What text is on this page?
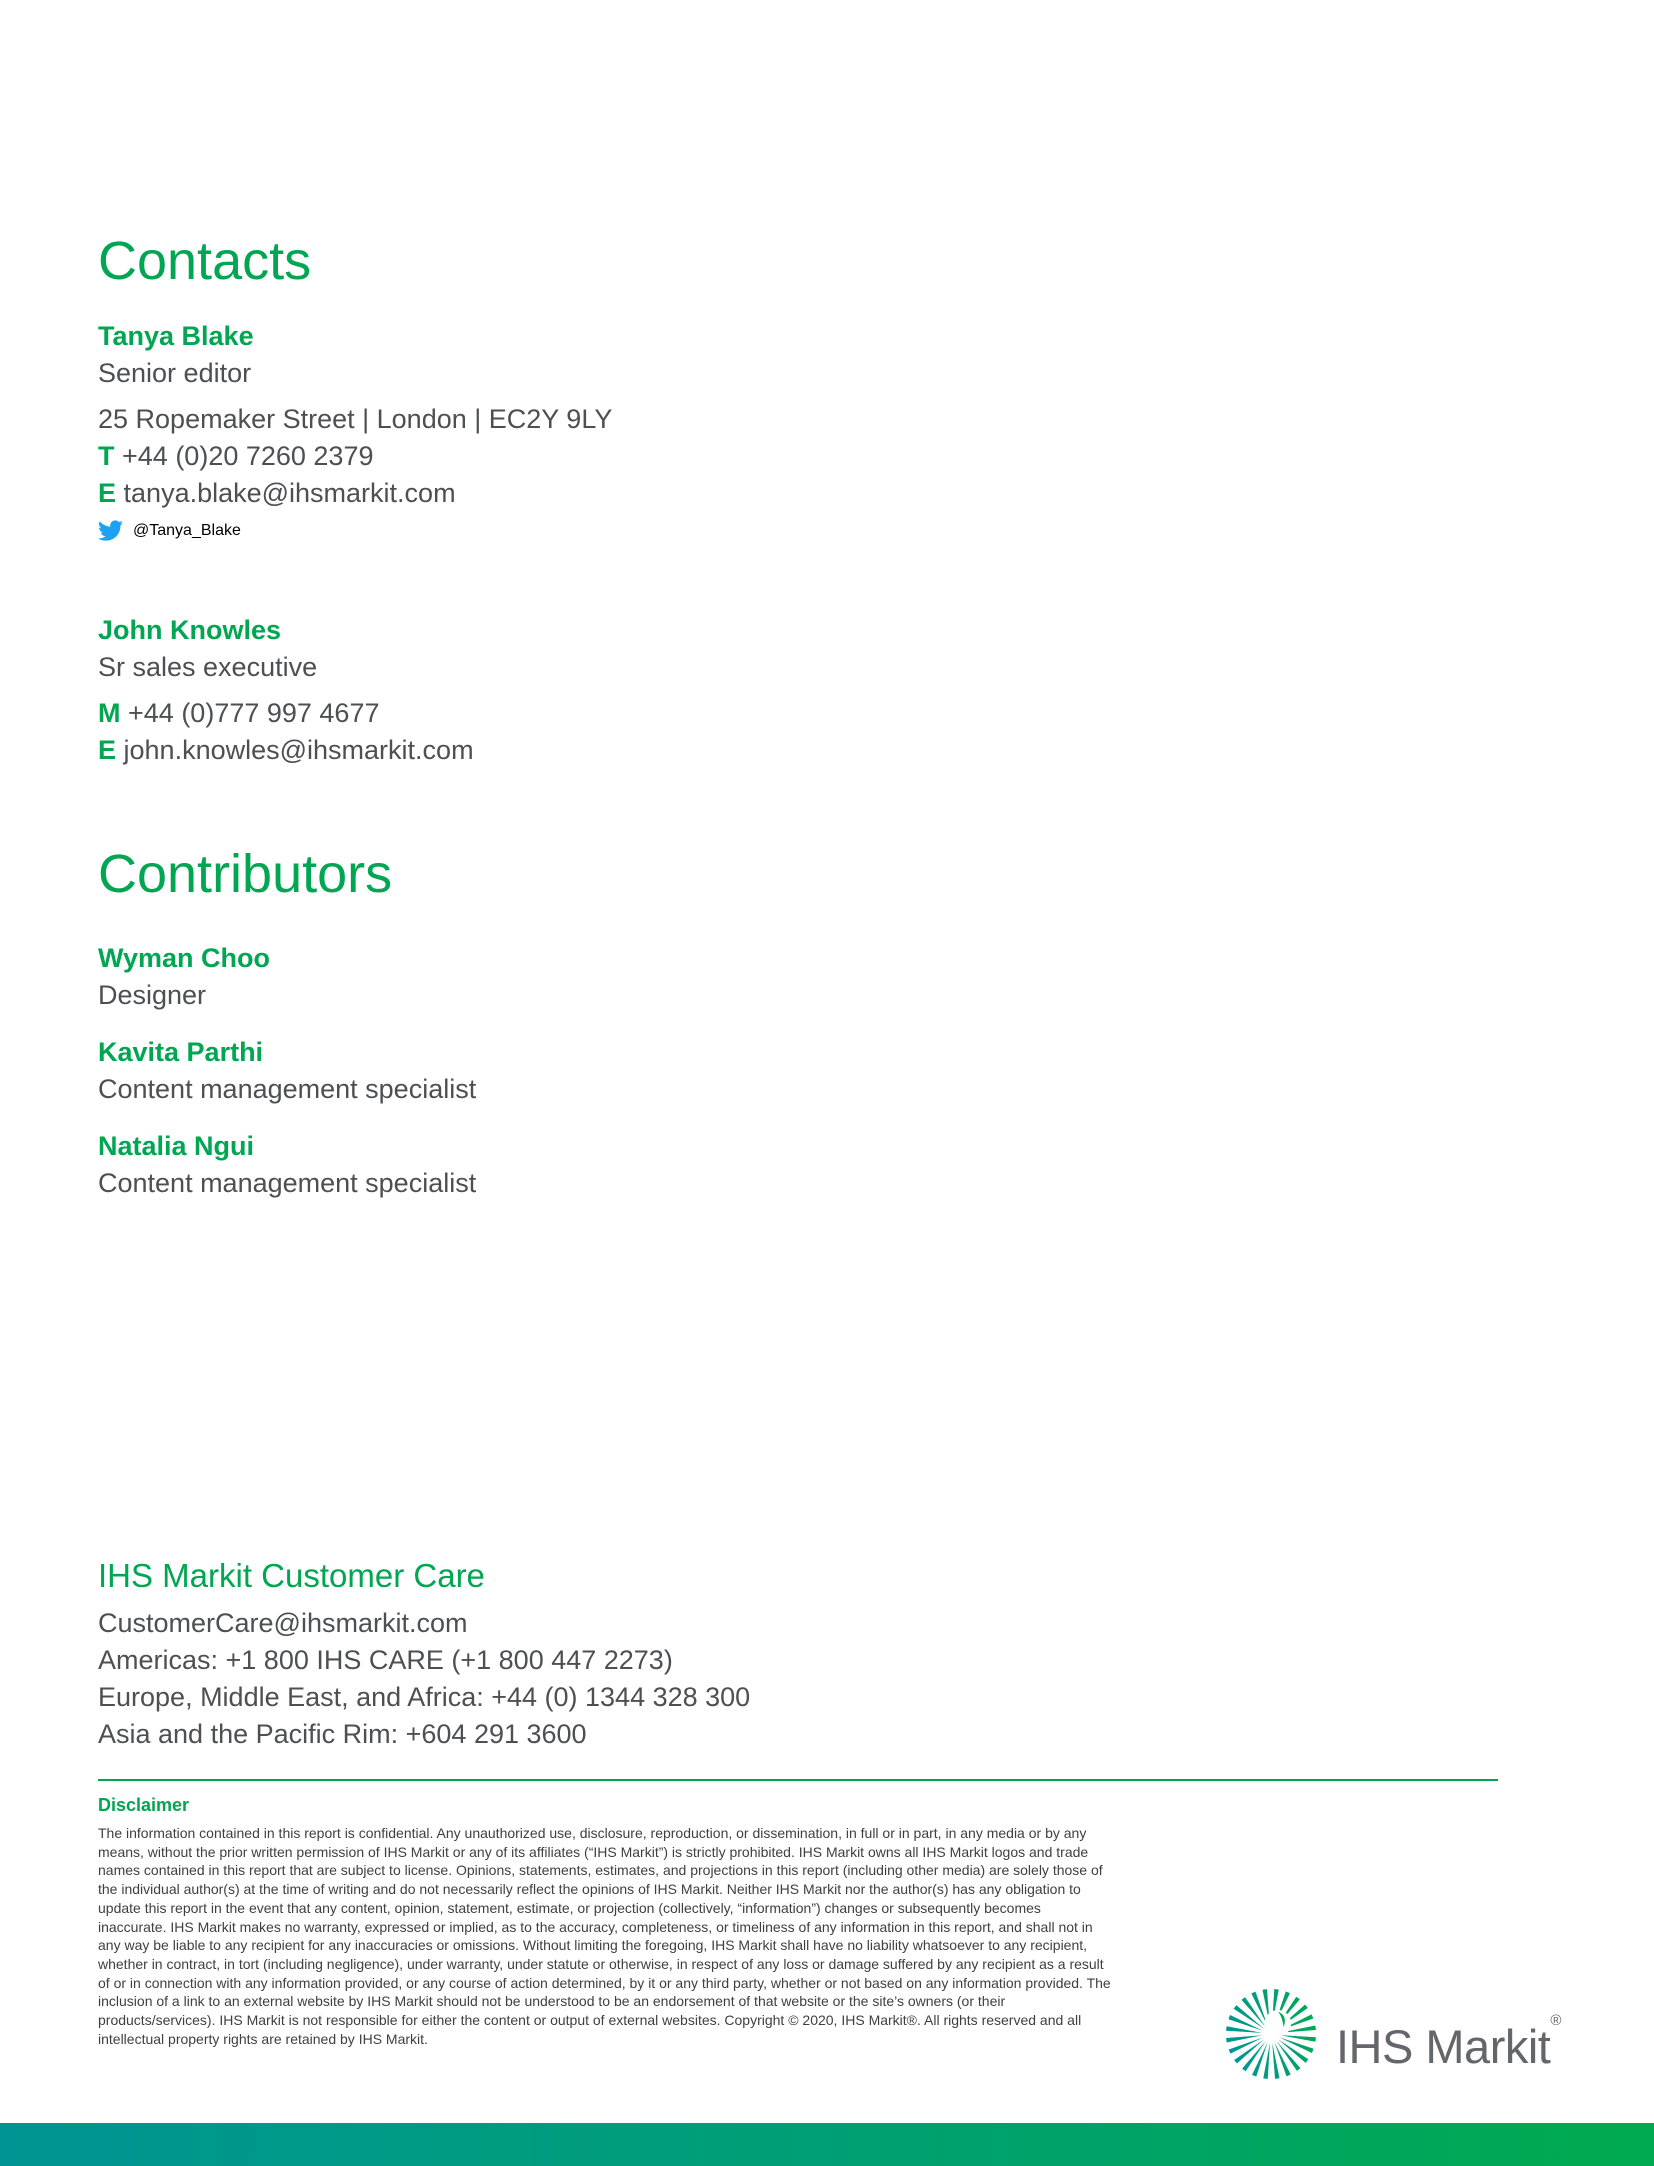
Contacts
Tanya Blake
Senior editor
25 Ropemaker Street | London | EC2Y 9LY
T +44 (0)20 7260 2379
E tanya.blake@ihsmarkit.com
@Tanya_Blake
John Knowles
Sr sales executive
M +44 (0)777 997 4677
E john.knowles@ihsmarkit.com
Contributors
Wyman Choo
Designer
Kavita Parthi
Content management specialist
Natalia Ngui
Content management specialist
IHS Markit Customer Care
CustomerCare@ihsmarkit.com
Americas: +1 800 IHS CARE (+1 800 447 2273)
Europe, Middle East, and Africa: +44 (0) 1344 328 300
Asia and the Pacific Rim: +604 291 3600
Disclaimer
The information contained in this report is confidential. Any unauthorized use, disclosure, reproduction, or dissemination, in full or in part, in any media or by any means, without the prior written permission of IHS Markit or any of its affiliates (“IHS Markit”) is strictly prohibited. IHS Markit owns all IHS Markit logos and trade names contained in this report that are subject to license. Opinions, statements, estimates, and projections in this report (including other media) are solely those of the individual author(s) at the time of writing and do not necessarily reflect the opinions of IHS Markit. Neither IHS Markit nor the author(s) has any obligation to update this report in the event that any content, opinion, statement, estimate, or projection (collectively, “information”) changes or subsequently becomes inaccurate. IHS Markit makes no warranty, expressed or implied, as to the accuracy, completeness, or timeliness of any information in this report, and shall not in any way be liable to any recipient for any inaccuracies or omissions. Without limiting the foregoing, IHS Markit shall have no liability whatsoever to any recipient, whether in contract, in tort (including negligence), under warranty, under statute or otherwise, in respect of any loss or damage suffered by any recipient as a result of or in connection with any information provided, or any course of action determined, by it or any third party, whether or not based on any information provided. The inclusion of a link to an external website by IHS Markit should not be understood to be an endorsement of that website or the site’s owners (or their products/services). IHS Markit is not responsible for either the content or output of external websites. Copyright © 2020, IHS Markit®. All rights reserved and all intellectual property rights are retained by IHS Markit.	IHS Markit®
